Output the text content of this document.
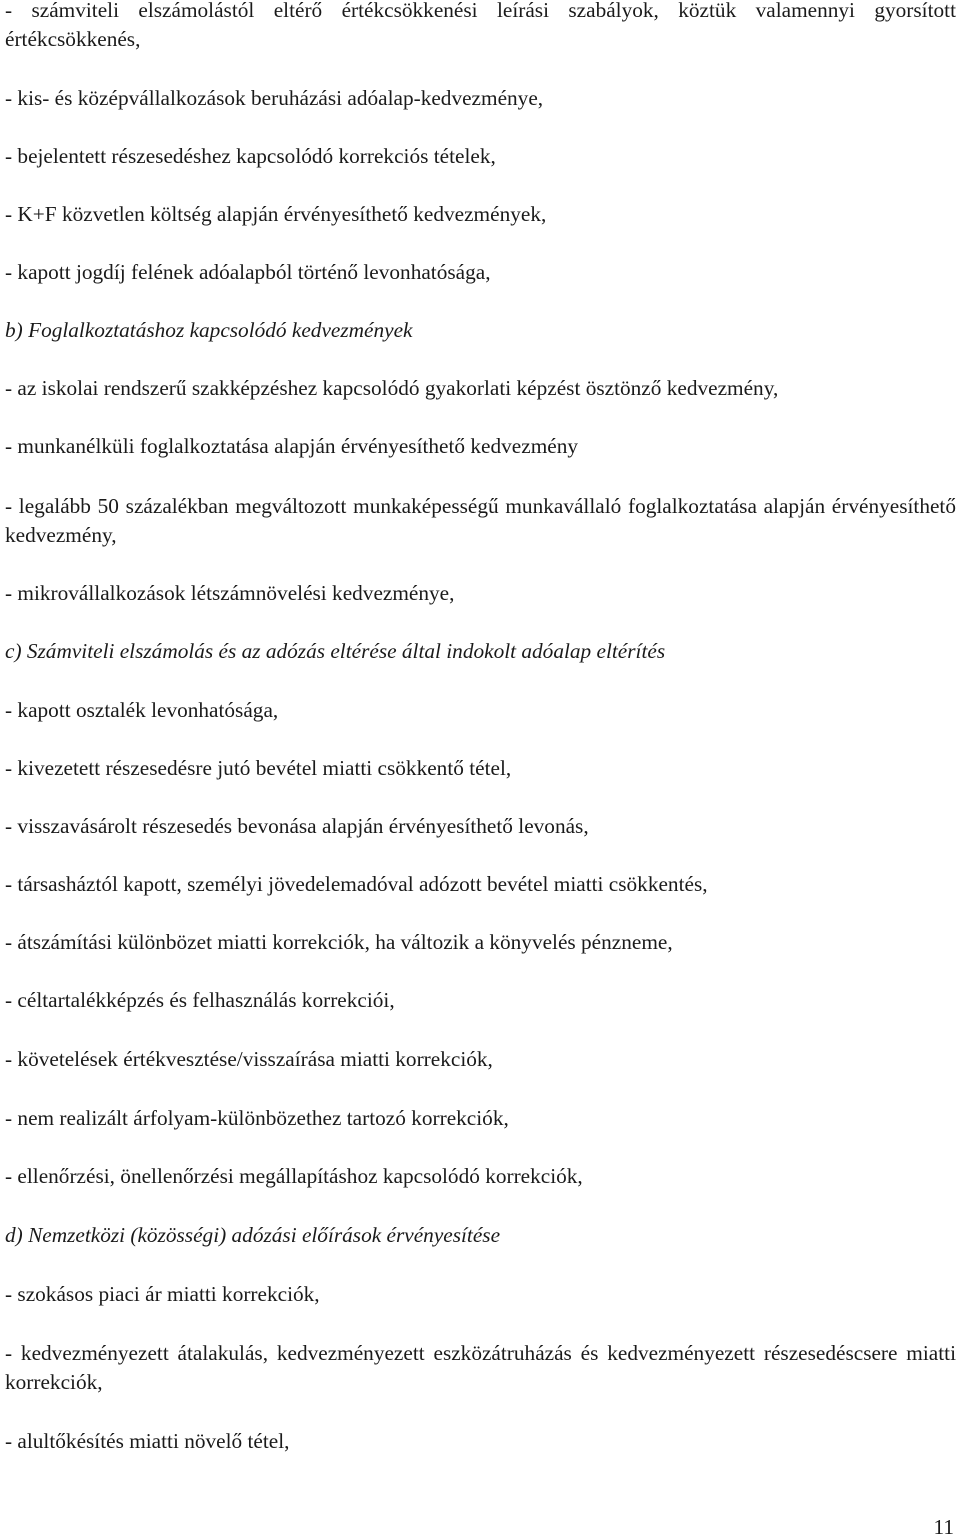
- számviteli elszámolástól eltérő értékcsökkenési leírási szabályok, köztük valamennyi gyorsított értékcsökkenés,

- kis- és középvállalkozások beruházási adóalap-kedvezménye,

- bejelentett részesedéshez kapcsolódó korrekciós tételek,

- K+F közvetlen költség alapján érvényesíthető kedvezmények,

- kapott jogdíj felének adóalapból történő levonhatósága,

b) Foglalkoztatáshoz kapcsolódó kedvezmények

- az iskolai rendszerű szakképzéshez kapcsolódó gyakorlati képzést ösztönző kedvezmény,

- munkanélküli foglalkoztatása alapján érvényesíthető kedvezmény

- legalább 50 százalékban megváltozott munkaképességű munkavállaló foglalkoztatása alapján érvényesíthető kedvezmény,

- mikrovállalkozások létszámnövelési kedvezménye,

c) Számviteli elszámolás és az adózás eltérése által indokolt adóalap eltérítés

- kapott osztalék levonhatósága,

- kivezetett részesedésre jutó bevétel miatti csökkentő tétel,

- visszavásárolt részesedés bevonása alapján érvényesíthető levonás,

- társasháztól kapott, személyi jövedelemadóval adózott bevétel miatti csökkentés,

- átszámítási különbözet miatti korrekciók, ha változik a könyvelés pénzneme,

- céltartalékképzés és felhasználás korrekciói,

- követelések értékvesztése/visszaírása miatti korrekciók,

- nem realizált árfolyam-különbözethez tartozó korrekciók,

- ellenőrzési, önellenőrzési megállapításhoz kapcsolódó korrekciók,

d) Nemzetközi (közösségi) adózási előírások érvényesítése

- szokásos piaci ár miatti korrekciók,

- kedvezményezett átalakulás, kedvezményezett eszközátruházás és kedvezményezett részesedéscsere miatti korrekciók,

- alultőkésítés miatti növelő tétel,

11
